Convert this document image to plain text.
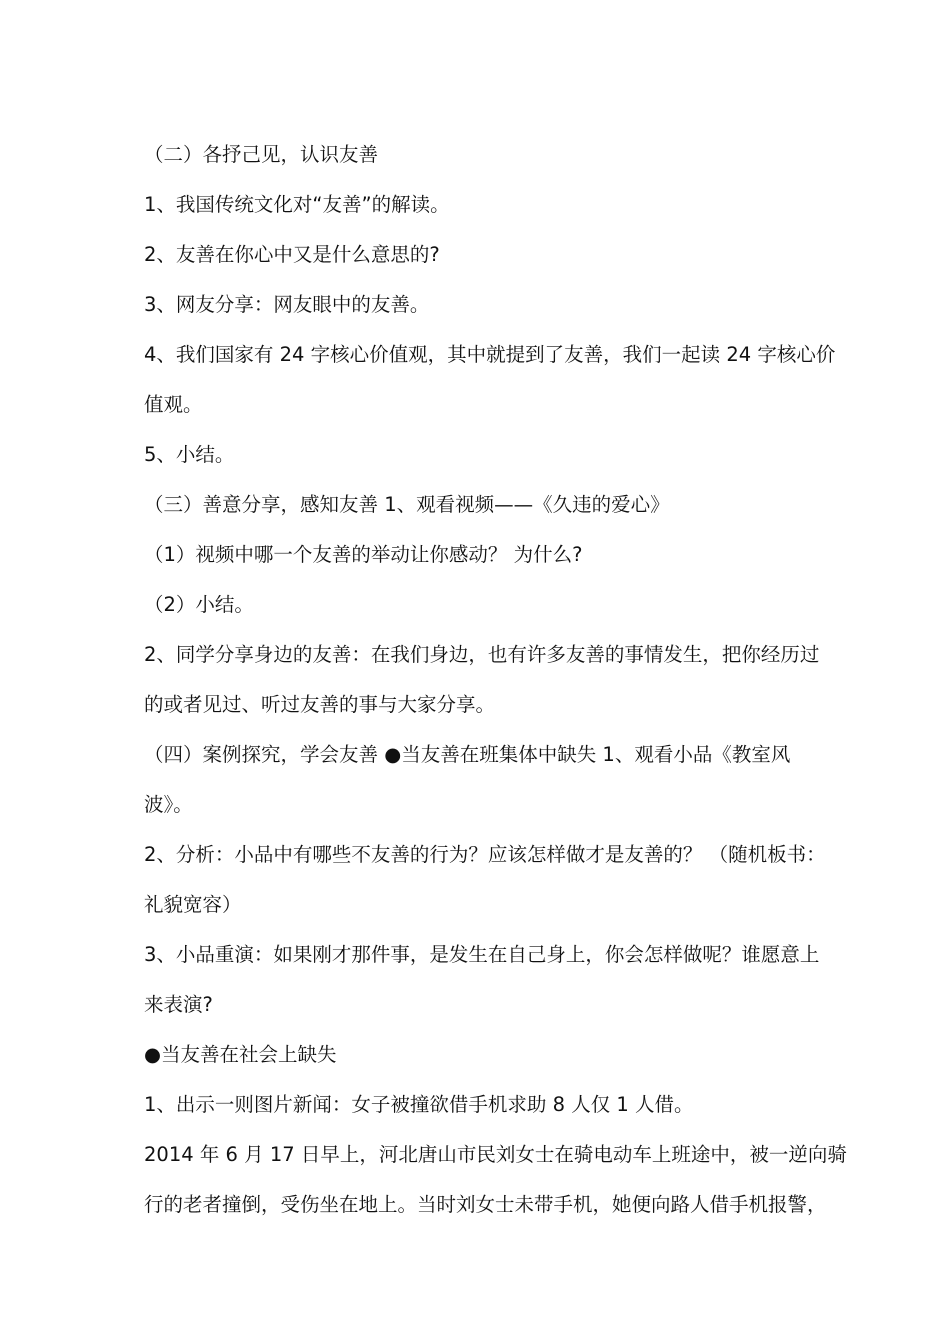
（二）各抒己见，认识友善
1、我国传统文化对“友善”的解读。
2、友善在你心中又是什么意思的?
3、网友分享：网友眼中的友善。
4、我们国家有 24 字核心价值观，其中就提到了友善，我们一起读 24 字核心价
值观。
5、小结。
（三）善意分享，感知友善 1、观看视频——《久违的爱心》
（1）视频中哪一个友善的举动让你感动？ 为什么?
（2）小结。
2、同学分享身边的友善：在我们身边，也有许多友善的事情发生，把你经历过
的或者见过、听过友善的事与大家分享。
（四）案例探究，学会友善 ●当友善在班集体中缺失 1、观看小品《教室风
波》。
2、分析：小品中有哪些不友善的行为？应该怎样做才是友善的？ （随机板书：
礼貌宽容）
3、小品重演：如果刚才那件事，是发生在自己身上，你会怎样做呢？谁愿意上
来表演?
●当友善在社会上缺失
1、出示一则图片新闻：女子被撞欲借手机求助 8 人仅 1 人借。
2014 年 6 月 17 日早上，河北唐山市民刘女士在骑电动车上班途中，被一逆向骑
行的老者撞倒，受伤坐在地上。当时刘女士未带手机，她便向路人借手机报警，
